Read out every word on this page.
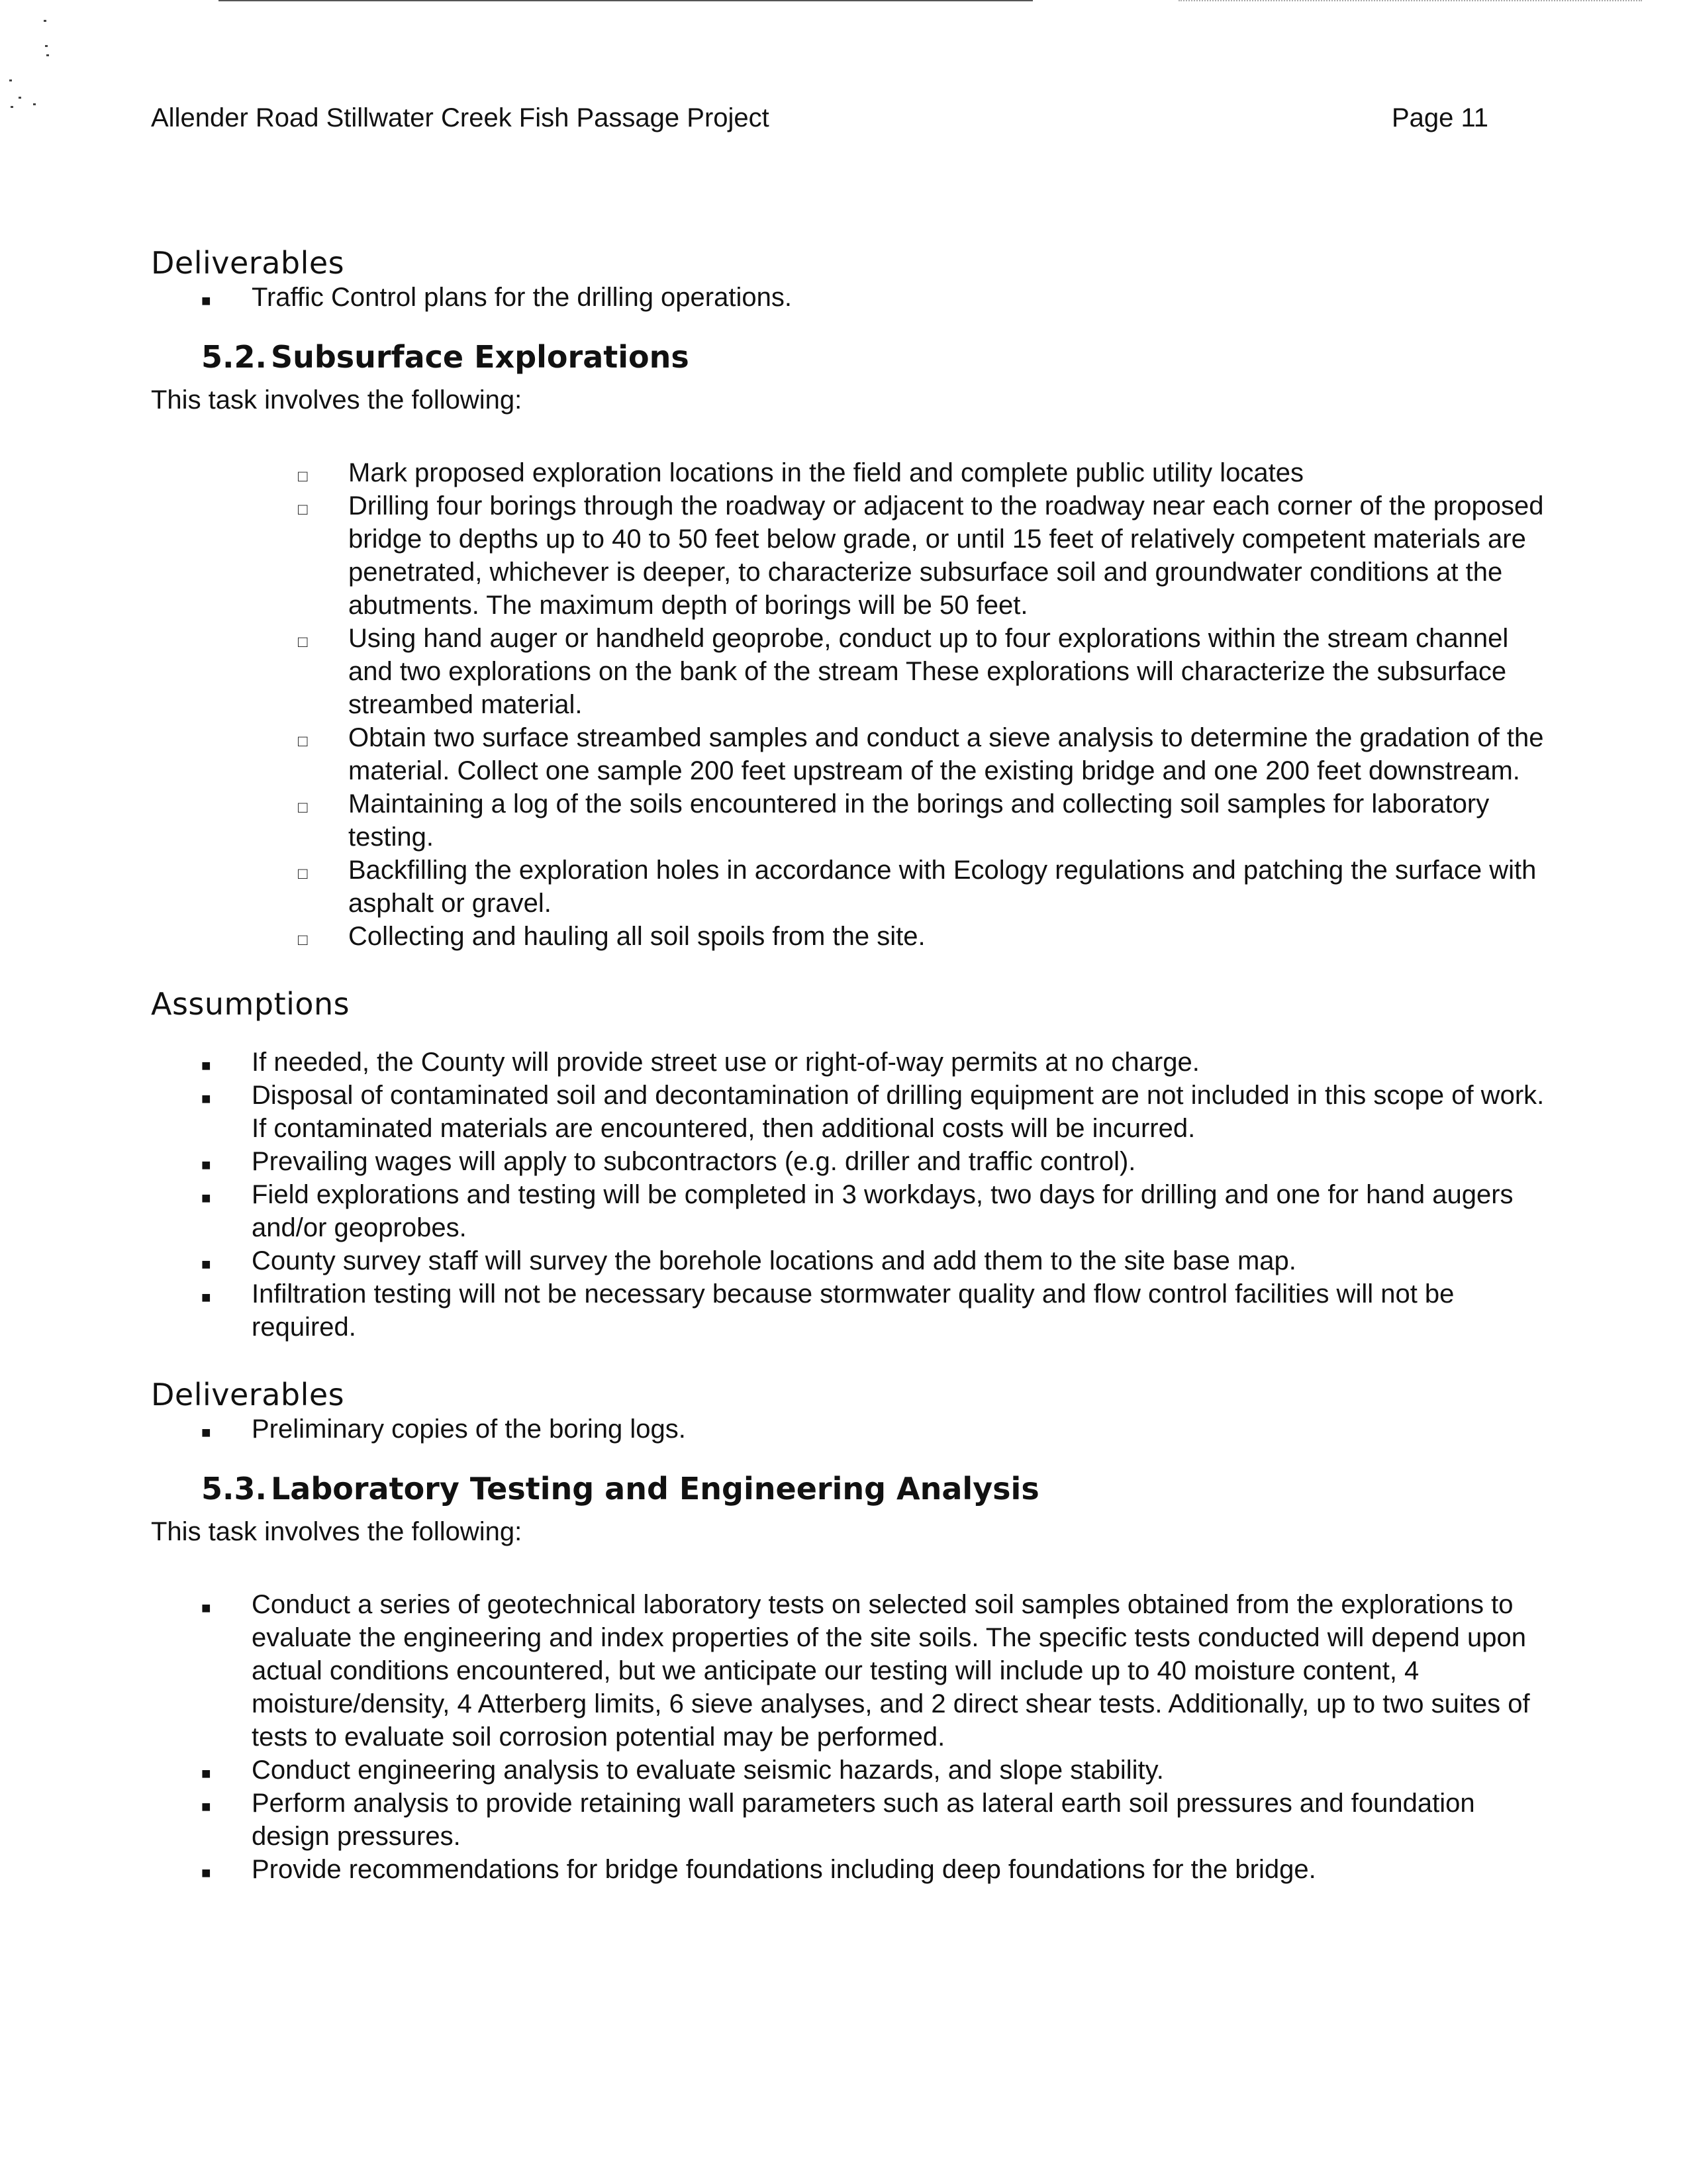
Allender Road Stillwater Creek Fish Passage Project	Page 11
Deliverables
■ Traffic Control plans for the drilling operations.
5.2. Subsurface Explorations

This task involves the following:

□ Mark proposed exploration locations in the field and complete public utility locates
□ Drilling four borings through the roadway or adjacent to the roadway near each corner of the proposed bridge to depths up to 40 to 50 feet below grade, or until 15 feet of relatively competent materials are penetrated, whichever is deeper, to characterize subsurface soil and groundwater conditions at the abutments. The maximum depth of borings will be 50 feet.
□ Using hand auger or handheld geoprobe, conduct up to four explorations within the stream channel and two explorations on the bank of the stream These explorations will characterize the subsurface streambed material.
□ Obtain two surface streambed samples and conduct a sieve analysis to determine the gradation of the material. Collect one sample 200 feet upstream of the existing bridge and one 200 feet downstream.
□ Maintaining a log of the soils encountered in the borings and collecting soil samples for laboratory testing.
□ Backfilling the exploration holes in accordance with Ecology regulations and patching the surface with asphalt or gravel.
□ Collecting and hauling all soil spoils from the site.
Assumptions
■ If needed, the County will provide street use or right-of-way permits at no charge.
■ Disposal of contaminated soil and decontamination of drilling equipment are not included in this scope of work. If contaminated materials are encountered, then additional costs will be incurred.
■ Prevailing wages will apply to subcontractors (e.g. driller and traffic control).
■ Field explorations and testing will be completed in 3 workdays, two days for drilling and one for hand augers and/or geoprobes.
■ County survey staff will survey the borehole locations and add them to the site base map.
■ Infiltration testing will not be necessary because stormwater quality and flow control facilities will not be required.
Deliverables
■ Preliminary copies of the boring logs.
5.3. Laboratory Testing and Engineering Analysis

This task involves the following:

■ Conduct a series of geotechnical laboratory tests on selected soil samples obtained from the explorations to evaluate the engineering and index properties of the site soils. The specific tests conducted will depend upon actual conditions encountered, but we anticipate our testing will include up to 40 moisture content, 4 moisture/density, 4 Atterberg limits, 6 sieve analyses, and 2 direct shear tests. Additionally, up to two suites of tests to evaluate soil corrosion potential may be performed.
■ Conduct engineering analysis to evaluate seismic hazards, and slope stability.
■ Perform analysis to provide retaining wall parameters such as lateral earth soil pressures and foundation design pressures.
■ Provide recommendations for bridge foundations including deep foundations for the bridge.
